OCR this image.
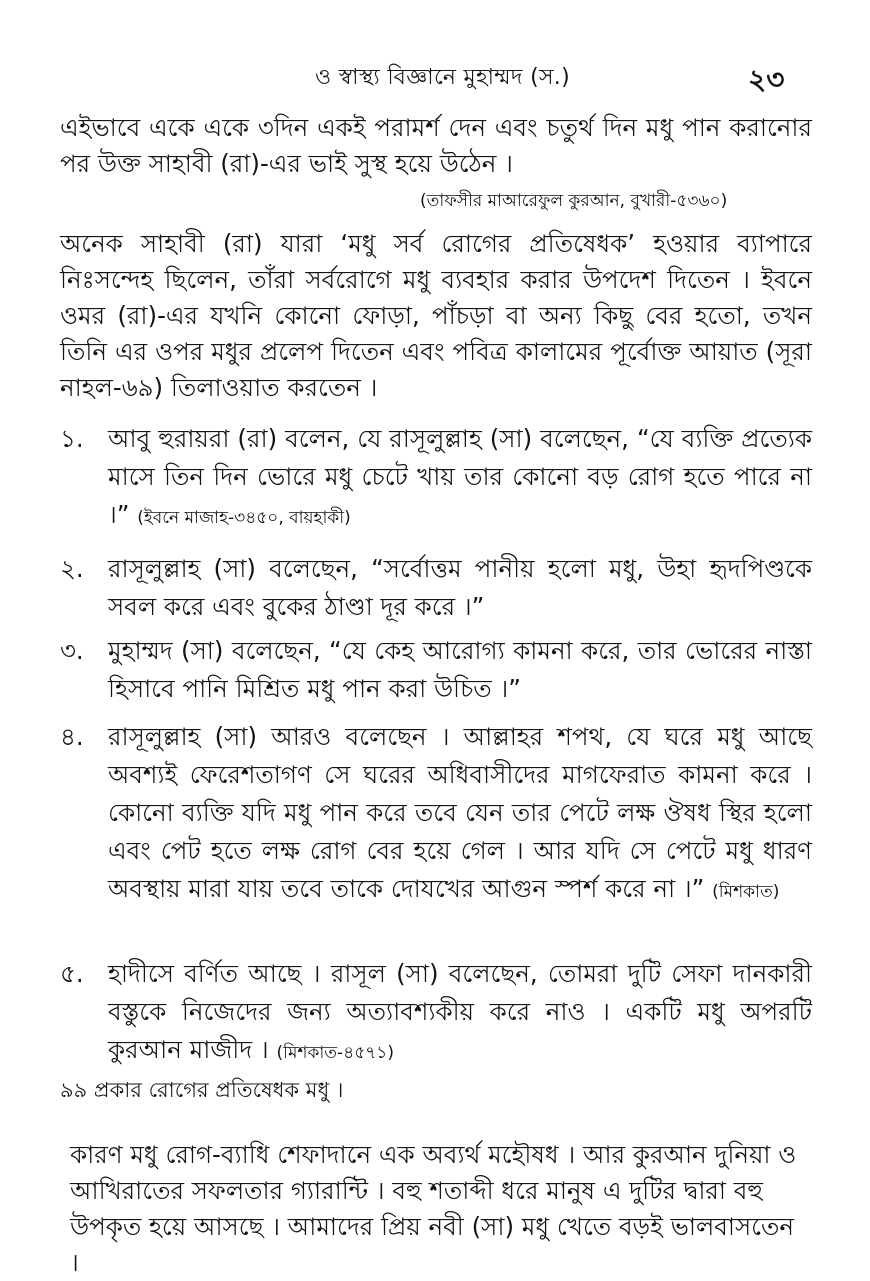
ও স্বাস্থ্য বিজ্ঞানে মুহাম্মদ (স.)	২৩

এইভাবে একে একে ৩দিন একই পরামর্শ দেন এবং চতুর্থ দিন মধু পান করানোর পর উক্ত সাহাবী (রা)-এর ভাই সুস্থ হয়ে উঠেন ।

(তাফসীর মাআরেফুল কুরআন, বুখারী-৫৩৬০)

অনেক সাহাবী (রা) যারা ‘মধু সর্ব রোগের প্রতিষেধক’ হওয়ার ব্যাপারে নিঃসন্দেহ ছিলেন, তাঁরা সর্বরোগে মধু ব্যবহার করার উপদেশ দিতেন । ইবনে ওমর (রা)-এর যখনি কোনো ফোড়া, পাঁচড়া বা অন্য কিছু বের হতো, তখন তিনি এর ওপর মধুর প্রলেপ দিতেন এবং পবিত্র কালামের পূর্বোক্ত আয়াত (সূরা নাহল-৬৯) তিলাওয়াত করতেন ।

১. আবু হুরায়রা (রা) বলেন, যে রাসূলুল্লাহ (সা) বলেছেন, “যে ব্যক্তি প্রত্যেক মাসে তিন দিন ভোরে মধু চেটে খায় তার কোনো বড় রোগ হতে পারে না ।” (ইবনে মাজাহ-৩৪৫০, বায়হাকী)
২. রাসূলুল্লাহ (সা) বলেছেন, “সর্বোত্তম পানীয় হলো মধু, উহা হৃদপিণ্ডকে সবল করে এবং বুকের ঠাণ্ডা দূর করে ।”
৩. মুহাম্মদ (সা) বলেছেন, “যে কেহ আরোগ্য কামনা করে, তার ভোরের নাস্তা হিসাবে পানি মিশ্রিত মধু পান করা উচিত ।”
৪. রাসূলুল্লাহ (সা) আরও বলেছেন । আল্লাহর শপথ, যে ঘরে মধু আছে অবশ্যই ফেরেশতাগণ সে ঘরের অধিবাসীদের মাগফেরাত কামনা করে । কোনো ব্যক্তি যদি মধু পান করে তবে যেন তার পেটে লক্ষ ঔষধ স্থির হলো এবং পেট হতে লক্ষ রোগ বের হয়ে গেল । আর যদি সে পেটে মধু ধারণ অবস্থায় মারা যায় তবে তাকে দোযখের আগুন স্পর্শ করে না ।” (মিশকাত)
৫. হাদীসে বর্ণিত আছে । রাসূল (সা) বলেছেন, তোমরা দুটি সেফা দানকারী বস্তুকে নিজেদের জন্য অত্যাবশ্যকীয় করে নাও । একটি মধু অপরটি কুরআন মাজীদ । (মিশকাত-৪৫৭১)
৯৯ প্রকার রোগের প্রতিষেধক মধু ।

কারণ মধু রোগ-ব্যাধি শেফাদানে এক অব্যর্থ মহৌষধ । আর কুরআন দুনিয়া ও আখিরাতের সফলতার গ্যারান্টি । বহু শতাব্দী ধরে মানুষ এ দুটির দ্বারা বহু উপকৃত হয়ে আসছে । আমাদের প্রিয় নবী (সা) মধু খেতে বড়ই ভালবাসতেন ।
